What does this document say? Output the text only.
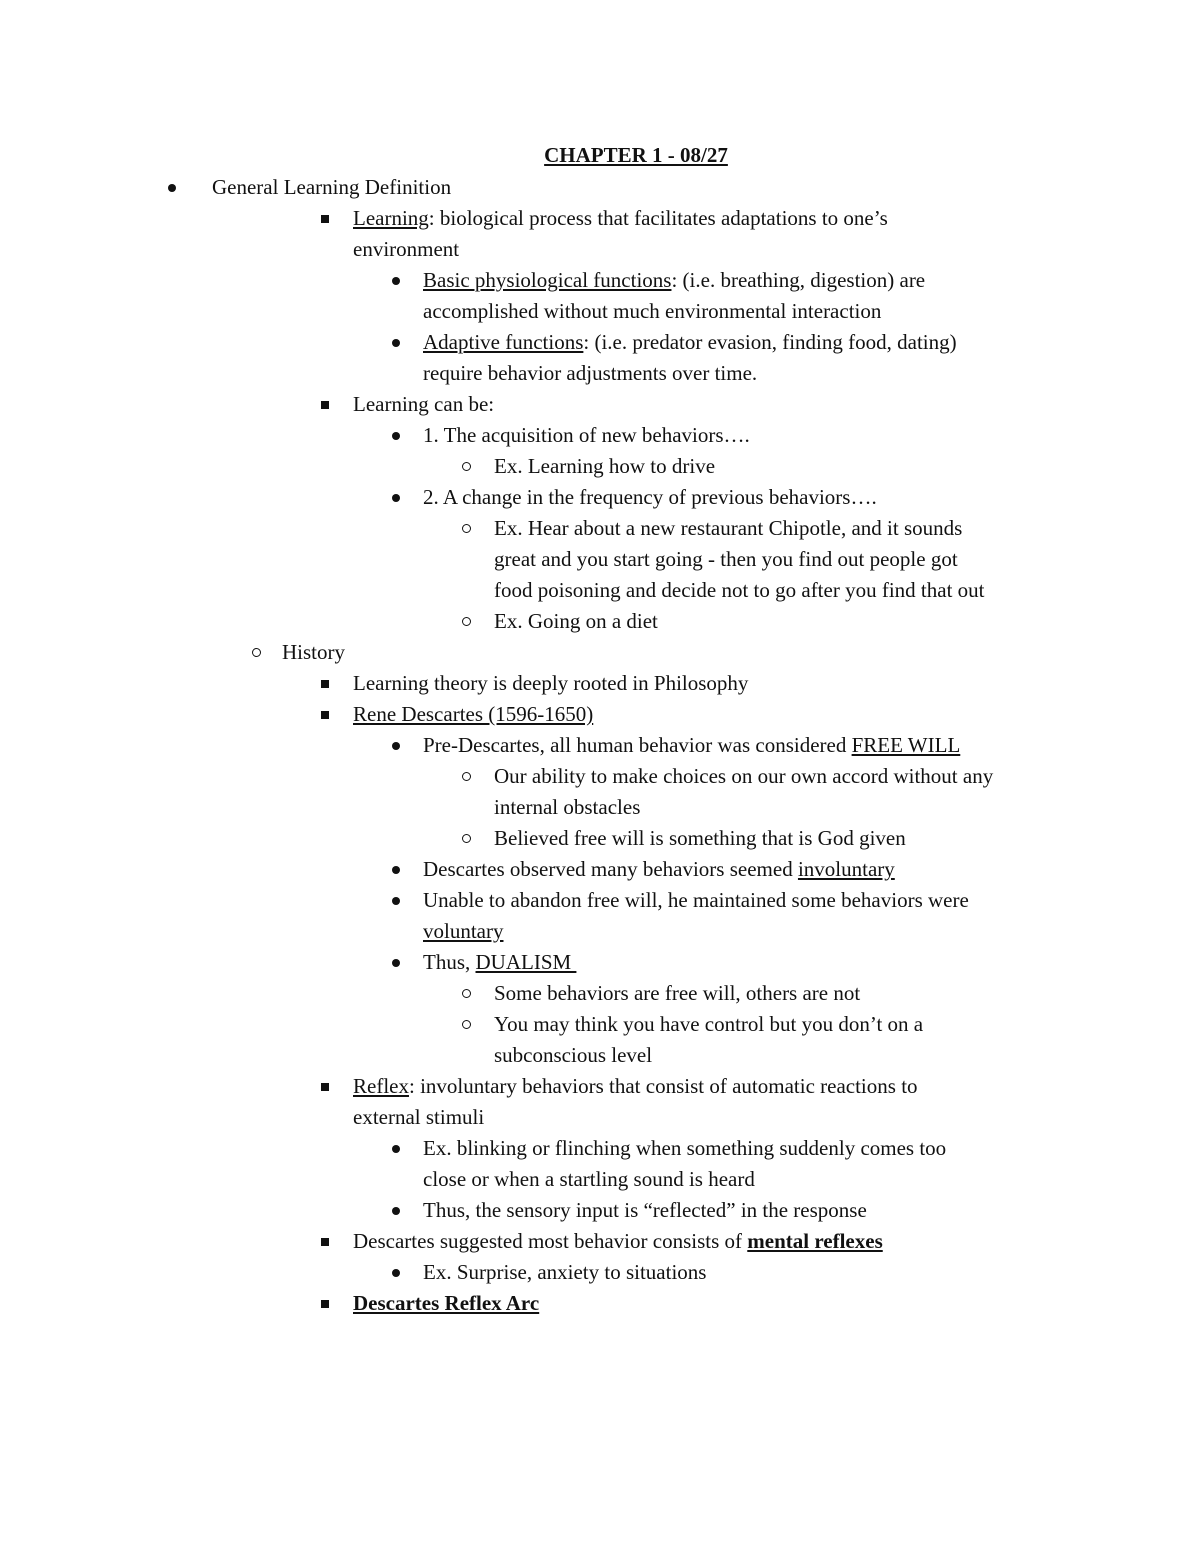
CHAPTER 1 - 08/27
General Learning Definition
Learning: biological process that facilitates adaptations to one’s
environment
Basic physiological functions: (i.e. breathing, digestion) are
accomplished without much environmental interaction
Adaptive functions: (i.e. predator evasion, finding food, dating)
require behavior adjustments over time.
Learning can be:
1. The acquisition of new behaviors….
Ex. Learning how to drive
2. A change in the frequency of previous behaviors….
Ex. Hear about a new restaurant Chipotle, and it sounds
great and you start going - then you find out people got
food poisoning and decide not to go after you find that out
Ex. Going on a diet
History
Learning theory is deeply rooted in Philosophy
Rene Descartes (1596-1650)
Pre-Descartes, all human behavior was considered FREE WILL
Our ability to make choices on our own accord without any
internal obstacles
Believed free will is something that is God given
Descartes observed many behaviors seemed involuntary
Unable to abandon free will, he maintained some behaviors were
voluntary
Thus, DUALISM
Some behaviors are free will, others are not
You may think you have control but you don’t on a
subconscious level
Reflex: involuntary behaviors that consist of automatic reactions to
external stimuli
Ex. blinking or flinching when something suddenly comes too
close or when a startling sound is heard
Thus, the sensory input is “reflected” in the response
Descartes suggested most behavior consists of mental reflexes
Ex. Surprise, anxiety to situations
Descartes Reflex Arc
